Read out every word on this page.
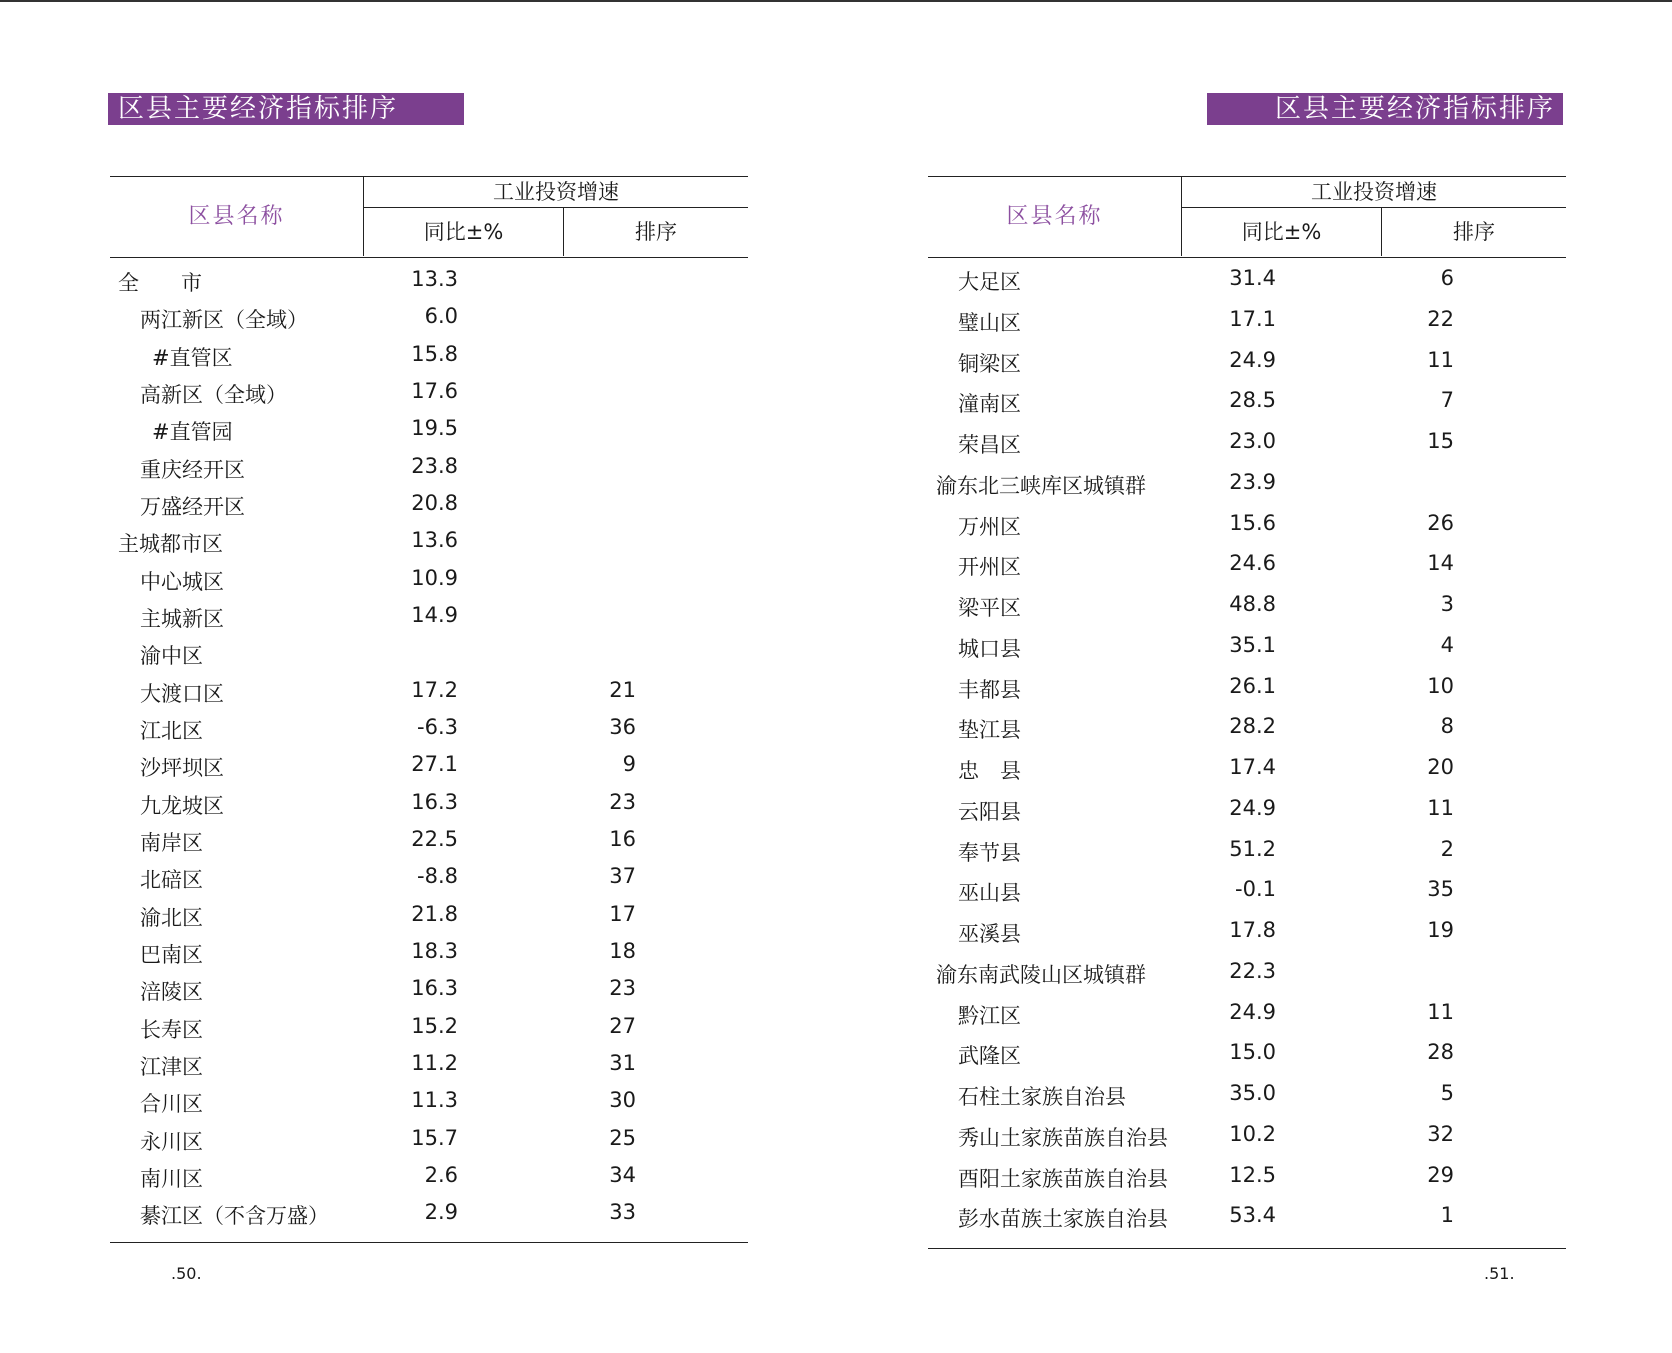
区县主要经济指标排序
区县名称
工业投资增速
同比±%	排序
全　　市	13.3
两江新区（全域）	6.0
#直管区	15.8
高新区（全域）	17.6
#直管园	19.5
重庆经开区	23.8
万盛经开区	20.8
主城都市区	13.6
中心城区	10.9
主城新区	14.9
渝中区
大渡口区	17.2	21
江北区	-6.3	36
沙坪坝区	27.1	9
九龙坡区	16.3	23
南岸区	22.5	16
北碚区	-8.8	37
渝北区	21.8	17
巴南区	18.3	18
涪陵区	16.3	23
长寿区	15.2	27
江津区	11.2	31
合川区	11.3	30
永川区	15.7	25
南川区	2.6	34
綦江区（不含万盛）	2.9	33
.50.
区县主要经济指标排序
区县名称
工业投资增速
同比±%	排序
大足区	31.4	6
璧山区	17.1	22
铜梁区	24.9	11
潼南区	28.5	7
荣昌区	23.0	15
渝东北三峡库区城镇群	23.9
万州区	15.6	26
开州区	24.6	14
梁平区	48.8	3
城口县	35.1	4
丰都县	26.1	10
垫江县	28.2	8
忠　县	17.4	20
云阳县	24.9	11
奉节县	51.2	2
巫山县	-0.1	35
巫溪县	17.8	19
渝东南武陵山区城镇群	22.3
黔江区	24.9	11
武隆区	15.0	28
石柱土家族自治县	35.0	5
秀山土家族苗族自治县	10.2	32
酉阳土家族苗族自治县	12.5	29
彭水苗族土家族自治县	53.4	1
.51.
